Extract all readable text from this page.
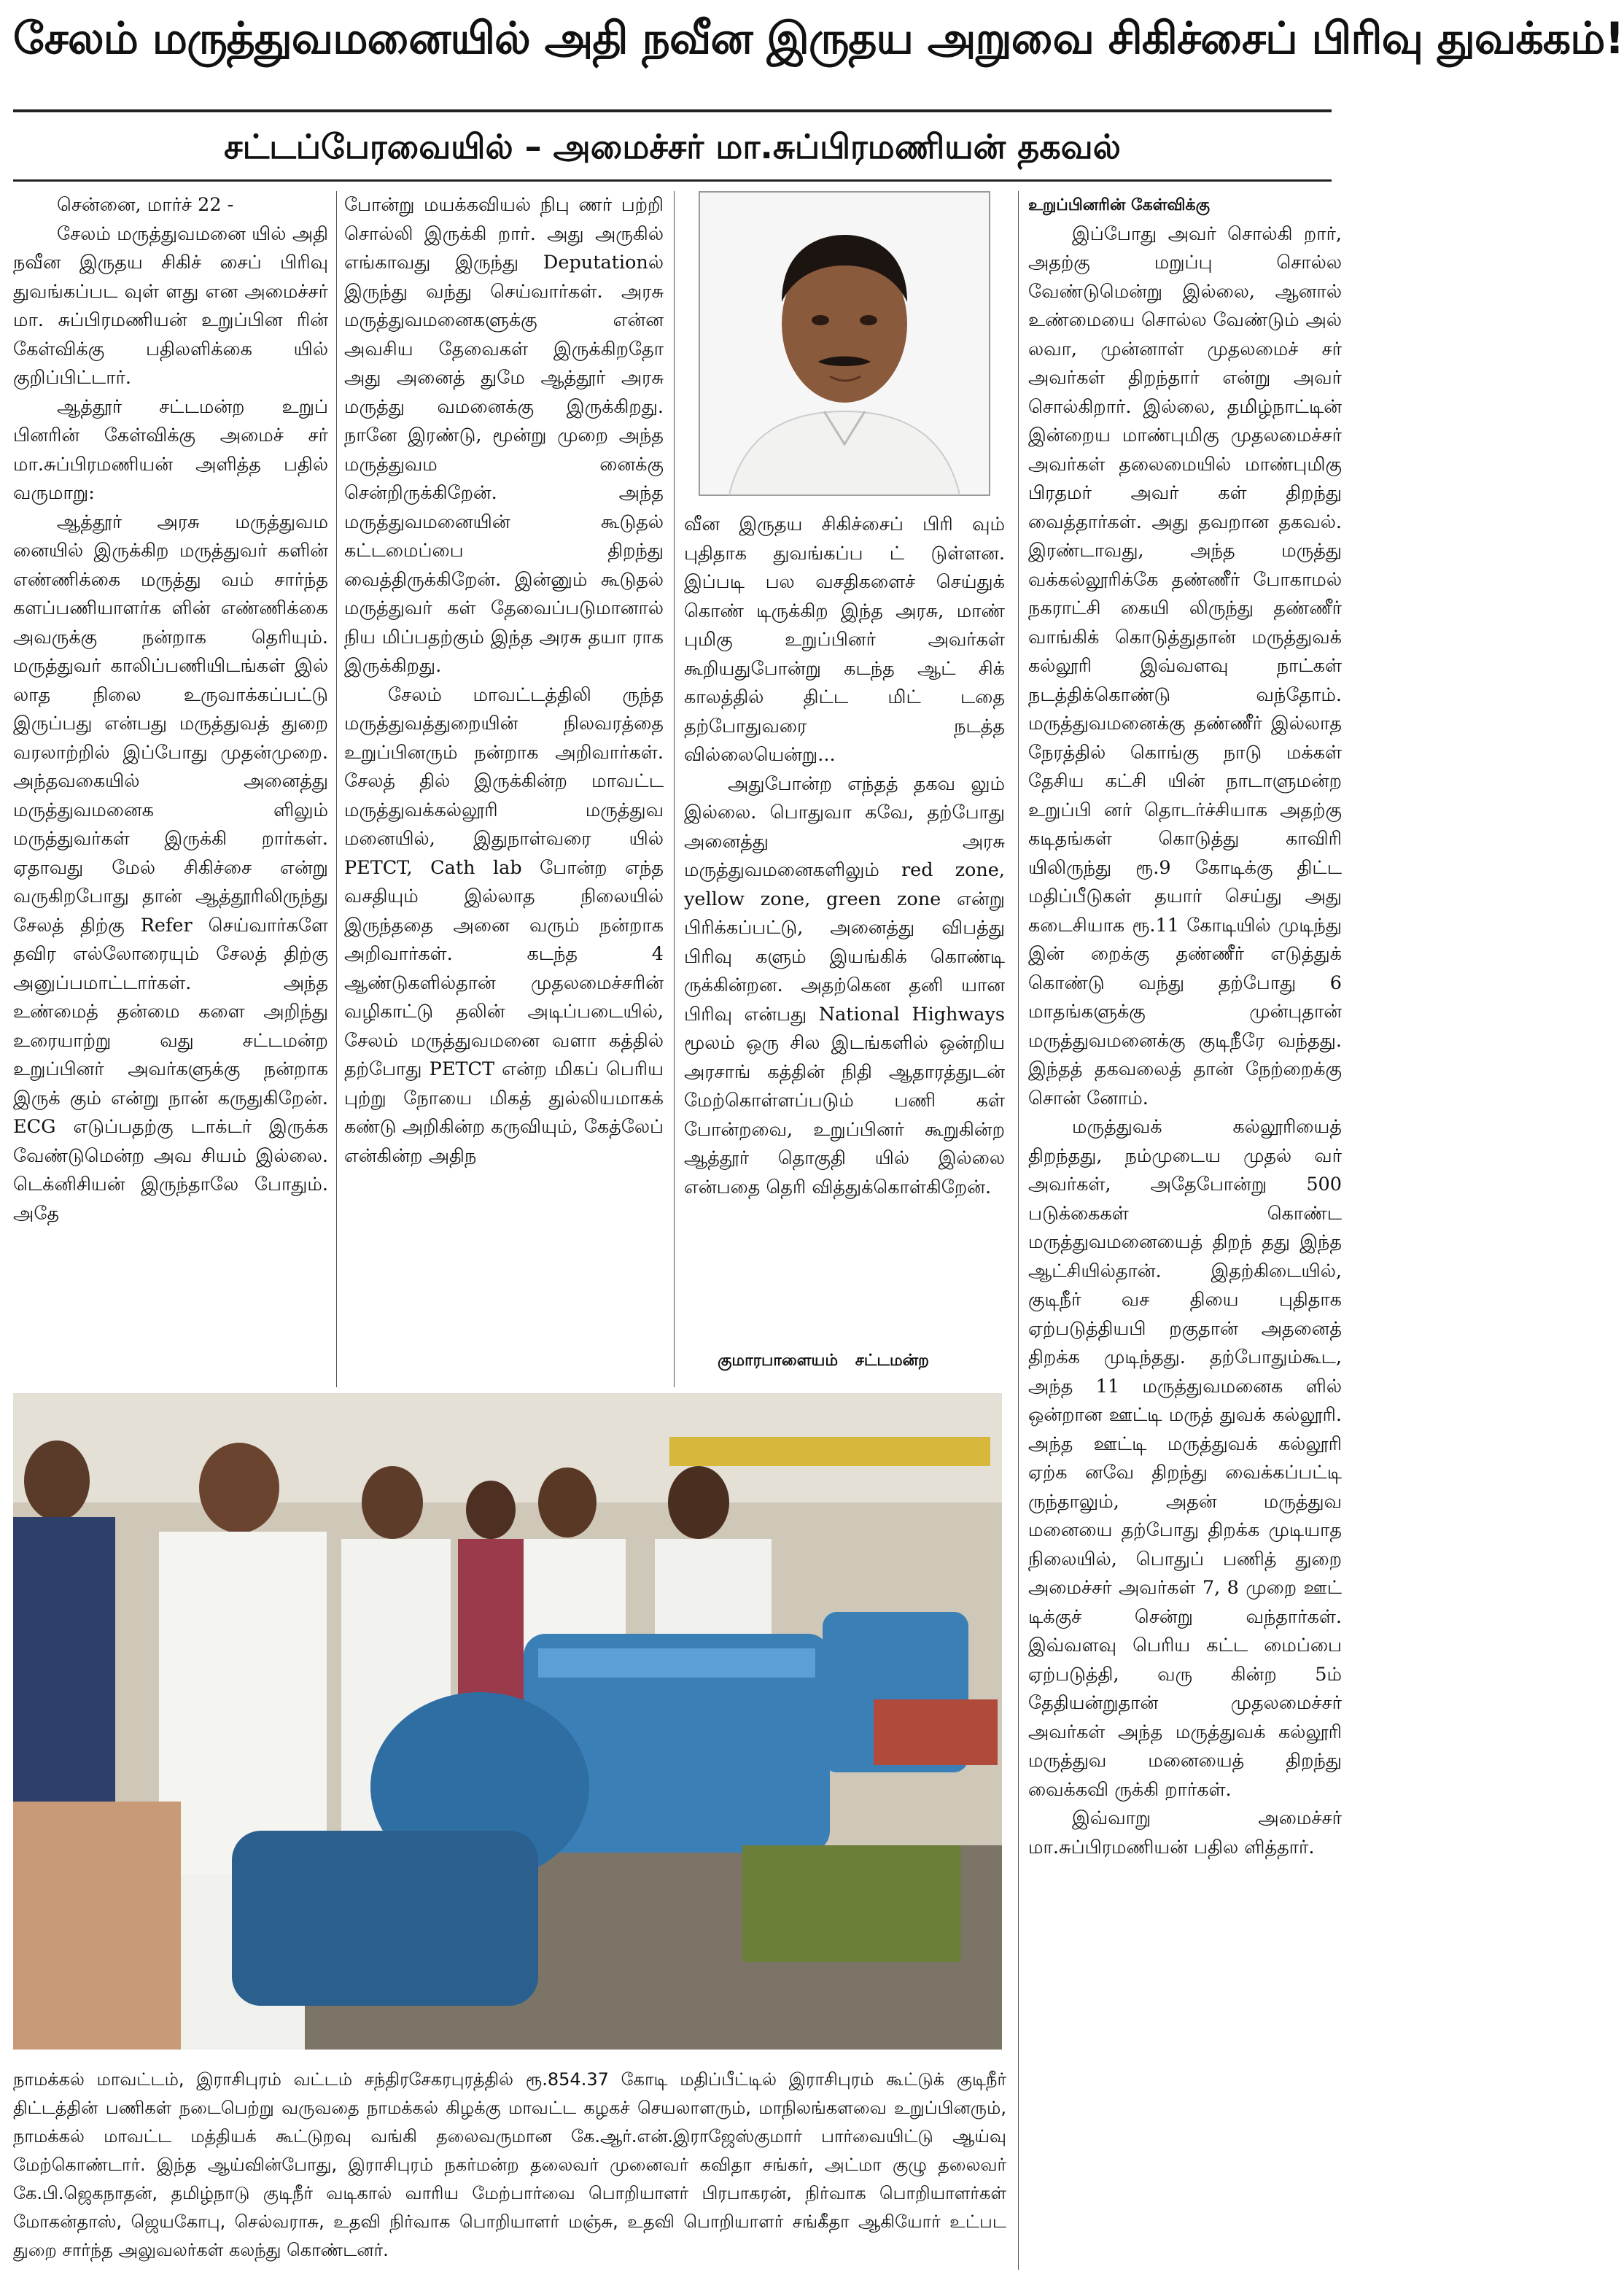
சேலம் மருத்துவமனையில் அதி நவீன இருதய அறுவை சிகிச்சைப் பிரிவு துவக்கம்!
சட்டப்பேரவையில் – அமைச்சர் மா.சுப்பிரமணியன் தகவல்

சென்னை, மார்ச் 22 -

சேலம் மருத்துவமனை யில் அதி நவீன இருதய சிகிச் சைப் பிரிவு துவங்கப்பட வுள் ளது என அமைச்சர் மா. சுப்பிரமணியன் உறுப்பின ரின் கேள்விக்கு பதிலளிக்கை யில் குறிப்பிட்டார்.

ஆத்தூர் சட்டமன்ற உறுப் பினரின் கேள்விக்கு அமைச் சர் மா.சுப்பிரமணியன் அளித்த பதில் வருமாறு:

ஆத்தூர் அரசு மருத்துவம னையில் இருக்கிற மருத்துவர் களின் எண்ணிக்கை மருத்து வம் சார்ந்த களப்பணியாளர்க ளின் எண்ணிக்கை அவருக்கு நன்றாக தெரியும். மருத்துவர் காலிப்பணியிடங்கள் இல் லாத நிலை உருவாக்கப்பட்டு இருப்பது என்பது மருத்துவத் துறை வரலாற்றில் இப்போது முதன்முறை. அந்தவகையில் அனைத்து மருத்துவமனைக ளிலும் மருத்துவர்கள் இருக்கி றார்கள். ஏதாவது மேல் சிகிச்சை என்று வருகிறபோது தான் ஆத்தூரிலிருந்து சேலத் திற்கு Refer செய்வார்களே தவிர எல்லோரையும் சேலத் திற்கு அனுப்பமாட்டார்கள். அந்த உண்மைத் தன்மை களை அறிந்து உரையாற்று வது சட்டமன்ற உறுப்பினர் அவர்களுக்கு நன்றாக இருக் கும் என்று நான் கருதுகிறேன். ECG எடுப்பதற்கு டாக்டர் இருக்க வேண்டுமென்ற அவ சியம் இல்லை. டெக்னிசியன் இருந்தாலே போதும். அதே

போன்று மயக்கவியல் நிபு ணர் பற்றி சொல்லி இருக்கி றார். அது அருகில் எங்காவது இருந்து Deputationல் இருந்து வந்து செய்வார்கள். அரசு மருத்துவமனைகளுக்கு என்ன அவசிய தேவைகள் இருக்கிறதோ அது அனைத் துமே ஆத்தூர் அரசு மருத்து வமனைக்கு இருக்கிறது. நானே இரண்டு, மூன்று முறை அந்த மருத்துவம னைக்கு சென்றிருக்கிறேன். அந்த மருத்துவமனையின் கூடுதல் கட்டமைப்பை திறந்து வைத்திருக்கிறேன். இன்னும் கூடுதல் மருத்துவர் கள் தேவைப்படுமானால் நிய மிப்பதற்கும் இந்த அரசு தயா ராக இருக்கிறது.

சேலம் மாவட்டத்திலி ருந்த மருத்துவத்துறையின் நிலவரத்தை உறுப்பினரும் நன்றாக அறிவார்கள். சேலத் தில் இருக்கின்ற மாவட்ட மருத்துவக்கல்லூரி மருத்துவ மனையில், இதுநாள்வரை யில் PETCT, Cath lab போன்ற எந்த வசதியும் இல்லாத நிலையில் இருந்ததை அனை வரும் நன்றாக அறிவார்கள். கடந்த 4 ஆண்டுகளில்தான் முதலமைச்சரின் வழிகாட்டு தலின் அடிப்படையில், சேலம் மருத்துவமனை வளா கத்தில் தற்போது PETCT என்ற மிகப் பெரிய புற்று நோயை மிகத் துல்லியமாகக் கண்டு அறிகின்ற கருவியும், கேத்லேப் என்கின்ற அதிந

வீன இருதய சிகிச்சைப் பிரி வும் புதிதாக துவங்கப்ப ட் டுள்ளன. இப்படி பல வசதிகளைச் செய்துக் கொண் டிருக்கிற இந்த அரசு, மாண் புமிகு உறுப்பினர் அவர்கள் கூறியதுபோன்று கடந்த ஆட் சிக் காலத்தில் திட்ட மிட் டதை தற்போதுவரை நடத்த வில்லையென்று...

அதுபோன்ற எந்தத் தகவ லும் இல்லை. பொதுவா கவே, தற்போது அனைத்து அரசு மருத்துவமனைகளிலும் red zone, yellow zone, green zone என்று பிரிக்கப்பட்டு, அனைத்து விபத்து பிரிவு களும் இயங்கிக் கொண்டி ருக்கின்றன. அதற்கென தனி யான பிரிவு என்பது National Highways மூலம் ஒரு சில இடங்களில் ஒன்றிய அரசாங் கத்தின் நிதி ஆதாரத்துடன் மேற்கொள்ளப்படும் பணி கள் போன்றவை, உறுப்பினர் கூறுகின்ற ஆத்தூர் தொகுதி யில் இல்லை என்பதை தெரி வித்துக்கொள்கிறேன்.

குமாரபாளையம் சட்டமன்ற

உறுப்பினரின் கேள்விக்கு

இப்போது அவர் சொல்கி றார், அதற்கு மறுப்பு சொல்ல வேண்டுமென்று இல்லை, ஆனால் உண்மையை சொல்ல வேண்டும் அல் லவா, முன்னாள் முதலமைச் சர் அவர்கள் திறந்தார் என்று அவர் சொல்கிறார். இல்லை, தமிழ்நாட்டின் இன்றைய மாண்புமிகு முதலமைச்சர் அவர்கள் தலைமையில் மாண்புமிகு பிரதமர் அவர் கள் திறந்து வைத்தார்கள். அது தவறான தகவல். இரண்டாவது, அந்த மருத்து வக்கல்லூரிக்கே தண்ணீர் போகாமல் நகராட்சி கையி லிருந்து தண்ணீர் வாங்கிக் கொடுத்துதான் மருத்துவக் கல்லூரி இவ்வளவு நாட்கள் நடத்திக்கொண்டு வந்தோம். மருத்துவமனைக்கு தண்ணீர் இல்லாத நேரத்தில் கொங்கு நாடு மக்கள் தேசிய கட்சி யின் நாடாளுமன்ற உறுப்பி னர் தொடர்ச்சியாக அதற்கு கடிதங்கள் கொடுத்து காவிரி யிலிருந்து ரூ.9 கோடிக்கு திட்ட மதிப்பீடுகள் தயார் செய்து அது கடைசியாக ரூ.11 கோடியில் முடிந்து இன் றைக்கு தண்ணீர் எடுத்துக் கொண்டு வந்து தற்போது 6 மாதங்களுக்கு முன்புதான் மருத்துவமனைக்கு குடிநீரே வந்தது. இந்தத் தகவலைத் தான் நேற்றைக்கு சொன் னோம்.

மருத்துவக் கல்லூரியைத் திறந்தது, நம்முடைய முதல் வர் அவர்கள், அதேபோன்று 500 படுக்கைகள் கொண்ட மருத்துவமனையைத் திறந் தது இந்த ஆட்சியில்தான். இதற்கிடையில், குடிநீர் வச தியை புதிதாக ஏற்படுத்தியபி றகுதான் அதனைத் திறக்க முடிந்தது. தற்போதும்கூட, அந்த 11 மருத்துவமனைக ளில் ஒன்றான ஊட்டி மருத் துவக் கல்லூரி. அந்த ஊட்டி மருத்துவக் கல்லூரி ஏற்க னவே திறந்து வைக்கப்பட்டி ருந்தாலும், அதன் மருத்துவ மனையை தற்போது திறக்க முடியாத நிலையில், பொதுப் பணித் துறை அமைச்சர் அவர்கள் 7, 8 முறை ஊட் டிக்குச் சென்று வந்தார்கள். இவ்வளவு பெரிய கட்ட மைப்பை ஏற்படுத்தி, வரு கின்ற 5ம் தேதியன்றுதான் முதலமைச்சர் அவர்கள் அந்த மருத்துவக் கல்லூரி மருத்துவ மனையைத் திறந்து வைக்கவி ருக்கி றார்கள்.

இவ்வாறு அமைச்சர் மா.சுப்பிரமணியன் பதில ளித்தார்.

நாமக்கல் மாவட்டம், இராசிபுரம் வட்டம் சந்திரசேகரபுரத்தில் ரூ.854.37 கோடி மதிப்பீட்டில் இராசிபுரம் கூட்டுக் குடிநீர் திட்டத்தின் பணிகள் நடைபெற்று வருவதை நாமக்கல் கிழக்கு மாவட்ட கழகச் செயலாளரும், மாநிலங்களவை உறுப்பினரும், நாமக்கல் மாவட்ட மத்தியக் கூட்டுறவு வங்கி தலைவருமான கே.ஆர்.என்.இராஜேஸ்குமார் பார்வையிட்டு ஆய்வு மேற்கொண்டார். இந்த ஆய்வின்போது, இராசிபுரம் நகர்மன்ற தலைவர் முனைவர் கவிதா சங்கர், அட்மா குழு தலைவர் கே.பி.ஜெகநாதன், தமிழ்நாடு குடிநீர் வடிகால் வாரிய மேற்பார்வை பொறியாளர் பிரபாகரன், நிர்வாக பொறியாளர்கள் மோகன்தாஸ், ஜெயகோபு, செல்வராசு, உதவி நிர்வாக பொறியாளர் மஞ்சு, உதவி பொறியாளர் சங்கீதா ஆகியோர் உட்பட துறை சார்ந்த அலுவலர்கள் கலந்து கொண்டனர்.
